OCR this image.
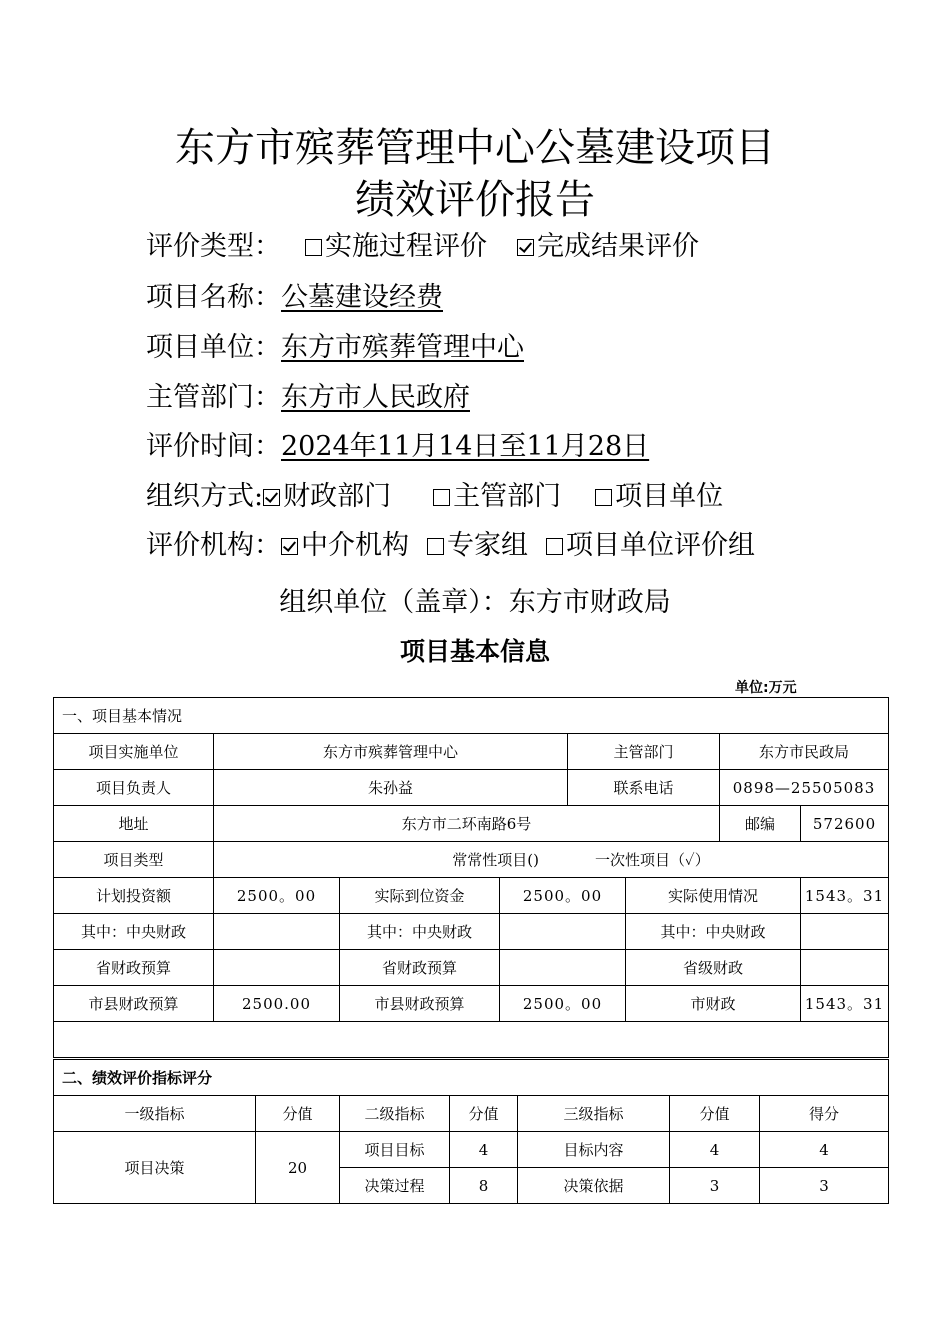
东方市殡葬管理中心公墓建设项目
绩效评价报告
评价类型： 实施过程评价 完成结果评价
项目名称：公墓建设经费
项目单位：东方市殡葬管理中心
主管部门：东方市人民政府
评价时间：2024年11月14日至11月28日
组织方式: 财政部门 主管部门 项目单位
评价机构： 中介机构 专家组 项目单位评价组
组织单位（盖章）：东方市财政局
项目基本信息
单位:万元
一、项目基本情况							
项目实施单位	东方市殡葬管理中心			主管部门		东方市民政局	
项目负责人	朱孙益			联系电话		0898—25505083	
地址	东方市二环南路6号					邮编	572600
项目类型	常常性项目() 一次性项目（✓）						
计划投资额	2500。00	实际到位资金	2500。00		实际使用情况		1543。31
其中：中央财政		其中：中央财政			其中：中央财政		
省财政预算		省财政预算			省级财政		
市县财政预算	2500.00	市县财政预算	2500。00		市财政		1543。31

二、绩效评价指标评分						
一级指标	分值	二级指标	分值	三级指标	分值	得分
项目决策	20	项目目标	4	目标内容	4	4
		决策过程	8	决策依据	3	3
